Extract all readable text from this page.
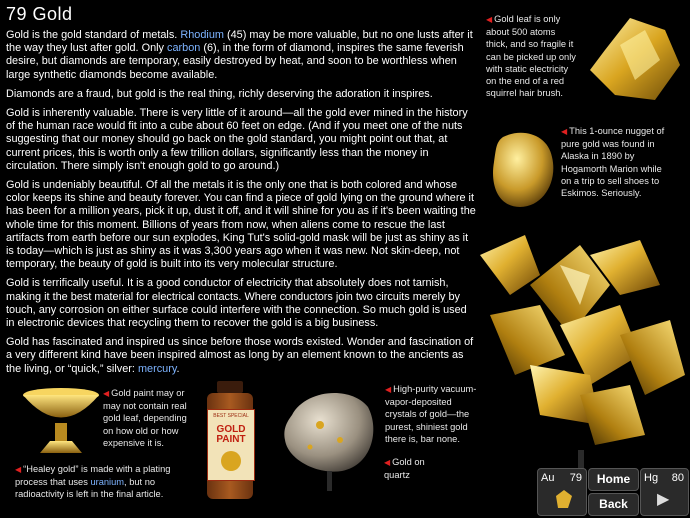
79 Gold

Gold is the gold standard of metals. Rhodium (45) may be more valuable, but no one lusts after it the way they lust after gold. Only carbon (6), in the form of diamond, inspires the same feverish desire, but diamonds are temporary, easily destroyed by heat, and soon to be worthless when large synthetic diamonds become available.

Diamonds are a fraud, but gold is the real thing, richly deserving the adoration it inspires.

Gold is inherently valuable. There is very little of it around—all the gold ever mined in the history of the human race would fit into a cube about 60 feet on edge. (And if you meet one of the nuts suggesting that our money should go back on the gold standard, you might point out that, at current prices, this is worth only a few trillion dollars, significantly less than the money in circulation. There simply isn't enough gold to go around.)

Gold is undeniably beautiful. Of all the metals it is the only one that is both colored and whose color keeps its shine and beauty forever. You can find a piece of gold lying on the ground where it has been for a million years, pick it up, dust it off, and it will shine for you as if it's been waiting the whole time for this moment. Billions of years from now, when aliens come to rescue the last artifacts from earth before our sun explodes, King Tut's solid-gold mask will be just as shiny as it is today—which is just as shiny as it was 3,300 years ago when it was new. Not skin-deep, not temporary, the beauty of gold is built into its very molecular structure.

Gold is terrifically useful. It is a good conductor of electricity that absolutely does not tarnish, making it the best material for electrical contacts. Where conductors join two circuits merely by touch, any corrosion on either surface could interfere with the connection. So much gold is used in electronic devices that recycling them to recover the gold is a big business.

Gold has fascinated and inspired us since before those words existed. Wonder and fascination of a very different kind have been inspired almost as long by an element known to the ancients as the living, or “quick,” silver: mercury.

◀ Gold leaf is only about 500 atoms thick, and so fragile it can be picked up only with static electricity on the end of a red squirrel hair brush.
◀ This 1-ounce nugget of pure gold was found in Alaska in 1890 by Hogamorth Marion while on a trip to sell shoes to Eskimos. Seriously.
◀ High-purity vacuum-vapor-deposited crystals of gold—the purest, shiniest gold there is, bar none.
◀ Gold paint may or may not contain real gold leaf, depending on how old or how expensive it is.
BEST SPECIAL
GOLD PAINT
◀ Gold on quartz
◀ “Healey gold” is made with a plating process that uses uranium, but no radioactivity is left in the final article.
Au 79	Home
Back
Hg 80
▶
